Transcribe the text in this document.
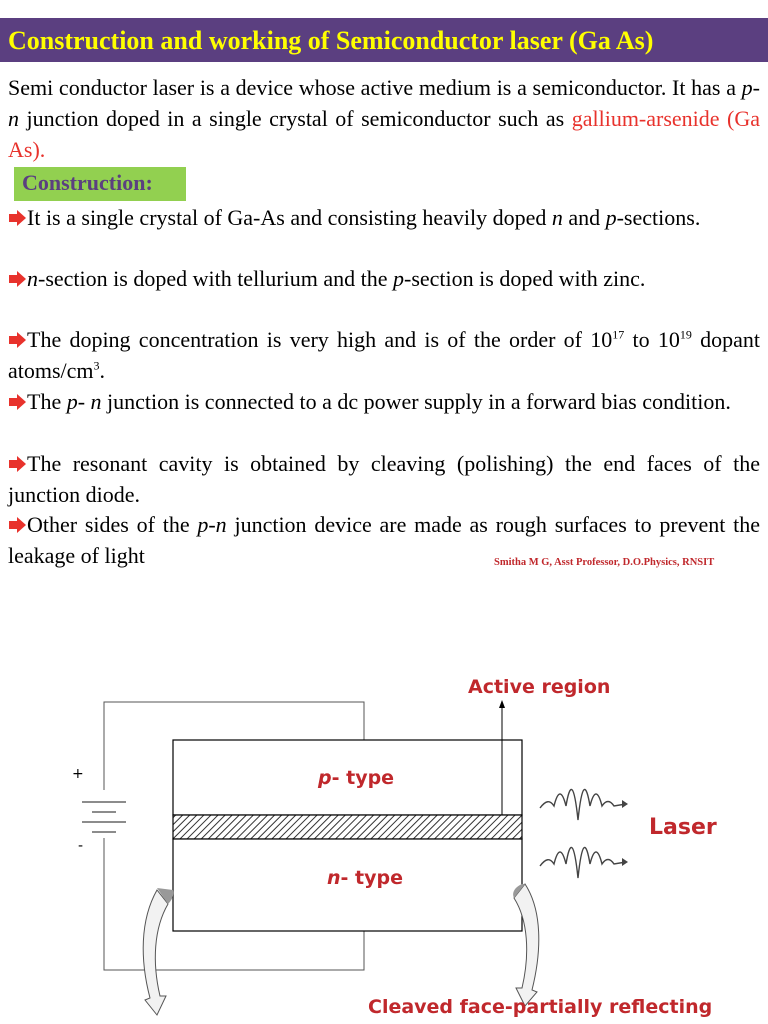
Construction and working of Semiconductor laser (Ga As)
Semi conductor laser is a device whose active medium is a semiconductor. It has a p-n junction doped in a single crystal of semiconductor such as gallium-arsenide (Ga As).
Construction:
It is a single crystal of Ga-As and consisting heavily doped n and p-sections.
n-section is doped with tellurium and the p-section is doped with zinc.
The doping concentration is very high and is of the order of $10^{17}$ to $10^{19}$ dopant atoms/$cm^3$.
The p- n junction is connected to a dc power supply in a forward bias condition.
The resonant cavity is obtained by cleaving (polishing) the end faces of the junction diode.
Other sides of the p-n junction device are made as rough surfaces to prevent the leakage of light	Smitha M G, Asst Professor, D.O.Physics, RNSIT
+
-
Active region
p- type
n- type
Laser
Cleaved face-partially reflecting
